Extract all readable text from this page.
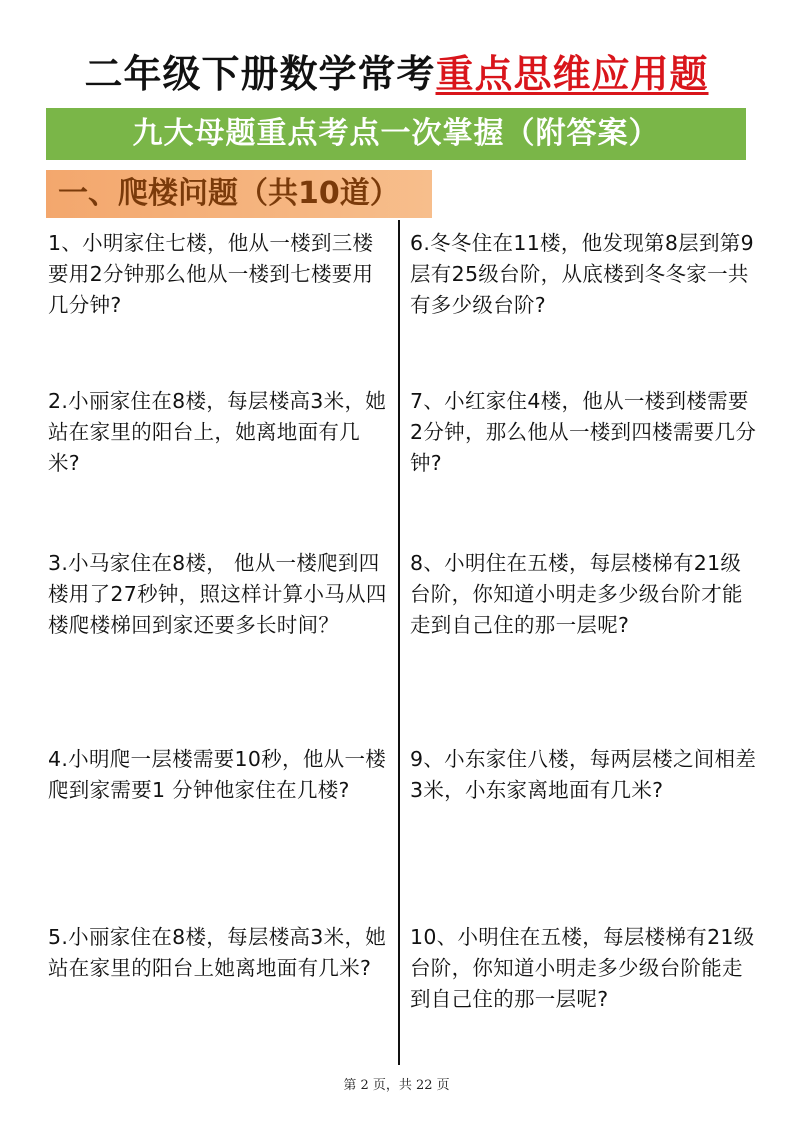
二年级下册数学常考重点思维应用题
九大母题重点考点一次掌握（附答案）
一、爬楼问题（共10道）

1、小明家住七楼，他从一楼到三楼要用2分钟那么他从一楼到七楼要用几分钟?

2.小丽家住在8楼，每层楼高3米，她站在家里的阳台上，她离地面有几米?

3.小马家住在8楼， 他从一楼爬到四楼用了27秒钟，照这样计算小马从四楼爬楼梯回到家还要多长时间？

4.小明爬一层楼需要10秒，他从一楼爬到家需要1 分钟他家住在几楼?

5.小丽家住在8楼，每层楼高3米，她站在家里的阳台上她离地面有几米?

6.冬冬住在11楼，他发现第8层到第9层有25级台阶，从底楼到冬冬家一共有多少级台阶?

7、小红家住4楼，他从一楼到楼需要2分钟，那么他从一楼到四楼需要几分钟?

8、小明住在五楼，每层楼梯有21级台阶，你知道小明走多少级台阶才能走到自己住的那一层呢?

9、小东家住八楼，每两层楼之间相差3米，小东家离地面有几米?

10、小明住在五楼，每层楼梯有21级台阶，你知道小明走多少级台阶能走到自己住的那一层呢?

第 2 页，共 22 页
